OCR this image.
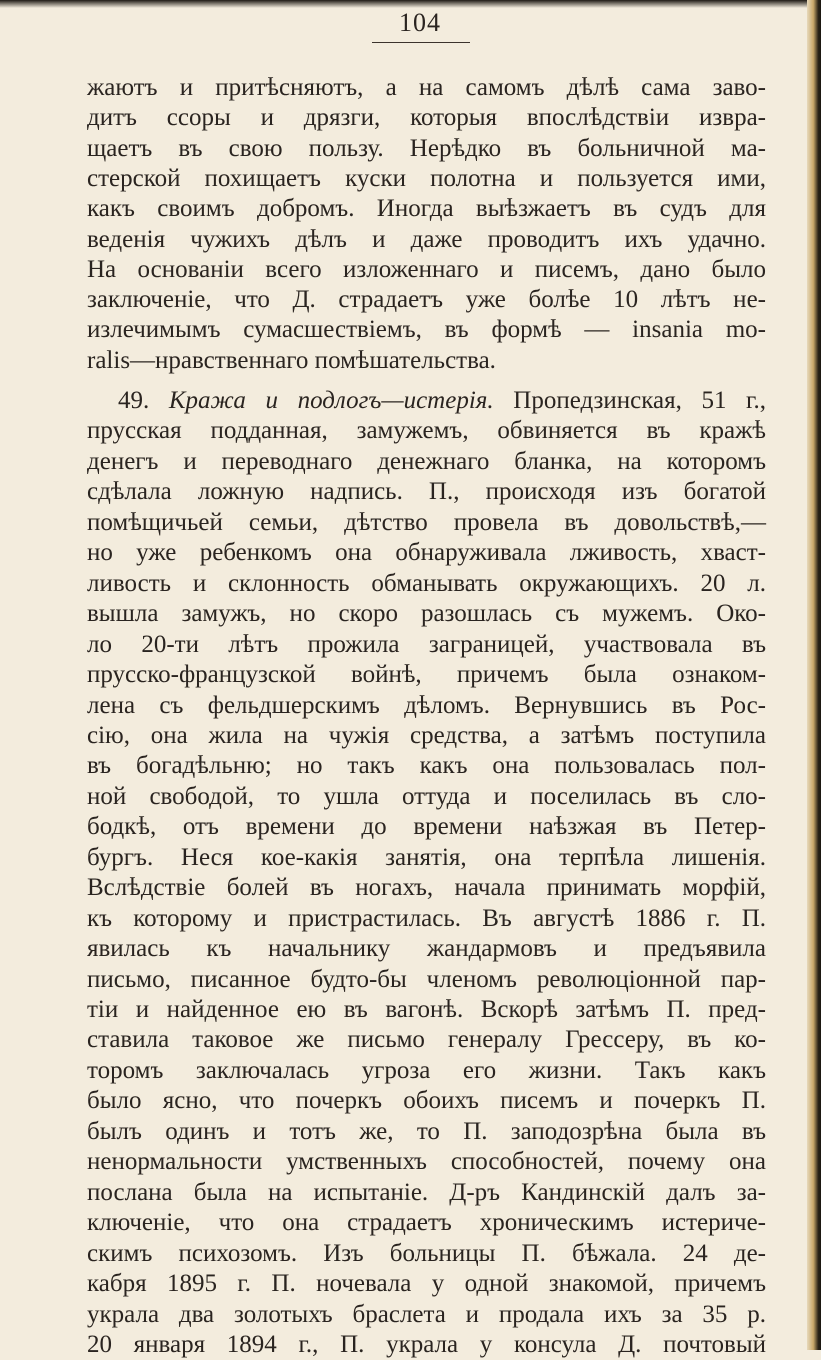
104
жаютъ и притѣсняютъ, а на самомъ дѣлѣ сама заво-
дитъ ссоры и дрязги, которыя впослѣдствіи извра-
щаетъ въ свою пользу. Нерѣдко въ больничной ма-
стерской похищаетъ куски полотна и пользуется ими,
какъ своимъ добромъ. Иногда выѣзжаетъ въ судъ для
веденія чужихъ дѣлъ и даже проводитъ ихъ удачно.
На основаніи всего изложеннаго и писемъ, дано было
заключеніе, что Д. страдаетъ уже болѣе 10 лѣтъ не-
излечимымъ сумасшествіемъ, въ формѣ — insania mo-
ralis—нравственнаго помѣшательства.
49. Кража и подлогъ—истерія. Пропедзинская, 51 г.,
прусская подданная, замужемъ, обвиняется въ кражѣ
денегъ и переводнаго денежнаго бланка, на которомъ
сдѣлала ложную надпись. П., происходя изъ богатой
помѣщичьей семьи, дѣтство провела въ довольствѣ,—
но уже ребенкомъ она обнаруживала лживость, хваст-
ливость и склонность обманывать окружающихъ. 20 л.
вышла замужъ, но скоро разошлась съ мужемъ. Око-
ло 20-ти лѣтъ прожила заграницей, участвовала въ
прусско-французской войнѣ, причемъ была ознаком-
лена съ фельдшерскимъ дѣломъ. Вернувшись въ Рос-
сію, она жила на чужія средства, а затѣмъ поступила
въ богадѣльню; но такъ какъ она пользовалась пол-
ной свободой, то ушла оттуда и поселилась въ сло-
бодкѣ, отъ времени до времени наѣзжая въ Петер-
бургъ. Неся кое-какія занятія, она терпѣла лишенія.
Вслѣдствіе болей въ ногахъ, начала принимать морфій,
къ которому и пристрастилась. Въ августѣ 1886 г. П.
явилась къ начальнику жандармовъ и предъявила
письмо, писанное будто-бы членомъ революціонной пар-
тіи и найденное ею въ вагонѣ. Вскорѣ затѣмъ П. пред-
ставила таковое же письмо генералу Грессеру, въ ко-
торомъ заключалась угроза его жизни. Такъ какъ
было ясно, что почеркъ обоихъ писемъ и почеркъ П.
былъ одинъ и тотъ же, то П. заподозрѣна была въ
ненормальности умственныхъ способностей, почему она
послана была на испытаніе. Д-ръ Кандинскій далъ за-
ключеніе, что она страдаетъ хроническимъ истериче-
скимъ психозомъ. Изъ больницы П. бѣжала. 24 де-
кабря 1895 г. П. ночевала у одной знакомой, причемъ
украла два золотыхъ браслета и продала ихъ за 35 р.
20 января 1894 г., П. украла у консула Д. почтовый
